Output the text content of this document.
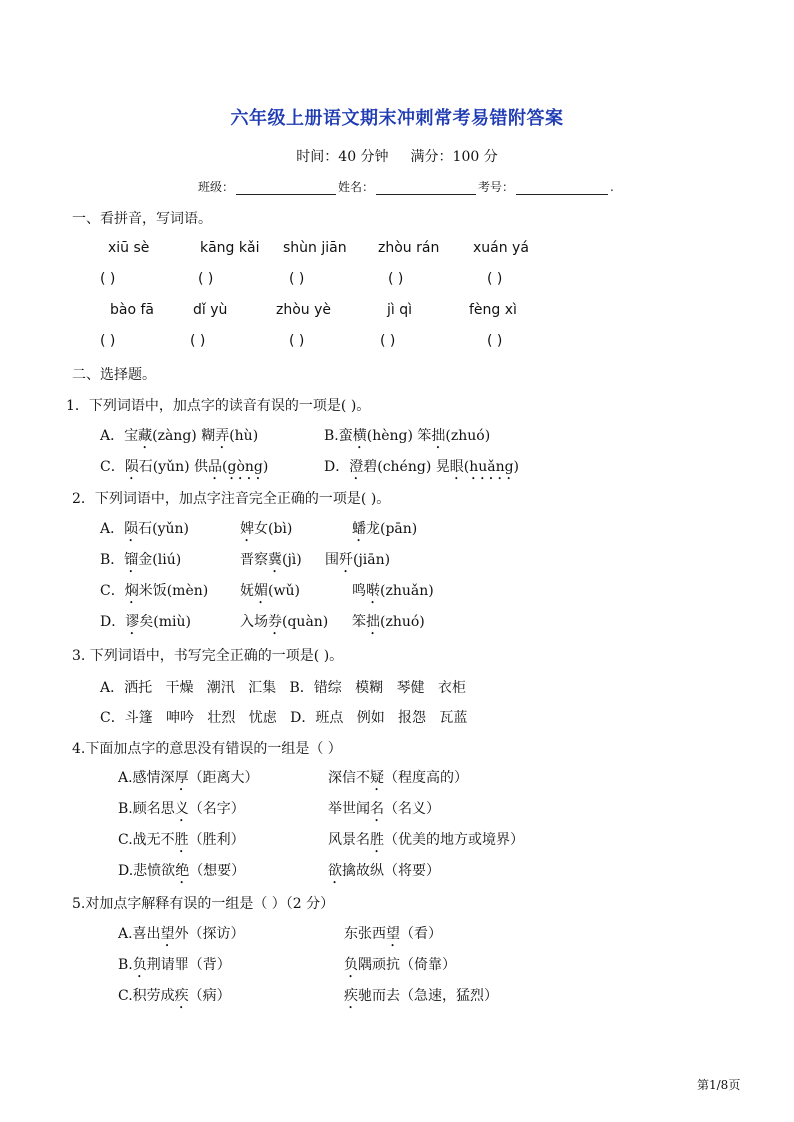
六年级上册语文期末冲刺常考易错附答案
时间：40 分钟 满分：100 分
班级：	姓名：	考号：	.
一、看拼音，写词语。
xiū sè	kāng kǎi shùn jiān zhòu rán xuán yá
( )	( )	( )	( )	( )
bào fā	dǐ yù	zhòu yè	jì qì	fèng xì
( )	( )	( )	( )	( )
二、选择题。
1．下列词语中，加点字的读音有误的一项是( )。
A．宝藏(zàng) 糊弄(hù)	B.蛮横(hèng) 笨拙(zhuó)
C．陨石(yǔn) 供品(gòng)	D．澄碧(chéng) 晃眼(huǎng)
2．下列词语中，加点字注音完全正确的一项是( )。
A．陨石(yǔn)	婢女(bì)	蟠龙(pān)
B．镏金(liú)	晋察冀(jì) 围歼(jiān)
C．焖米饭(mèn) 妩媚(wǔ)	鸣啭(zhuǎn)
D．谬矣(miù)	入场券(quàn) 笨拙(zhuó)
3. 下列词语中，书写完全正确的一项是( )。
A．洒托   干燥   潮汛   汇集   B．错综   模糊   琴健   衣柜
C．斗篷   呻吟   壮烈   忧虑   D．班点   例如   报怨   瓦蓝
4.下面加点字的意思没有错误的一组是（ ）
A.感情深厚（距离大）	深信不疑（程度高的）
B.顾名思义（名字）	举世闻名（名义）
C.战无不胜（胜利）	风景名胜（优美的地方或境界）
D.悲愤欲绝（想要）	欲擒故纵（将要）
5.对加点字解释有误的一组是（ ）（2 分）
A.喜出望外（探访）	东张西望（看）
B.负荆请罪（背）	负隅顽抗（倚靠）
C.积劳成疾（病）	疾驰而去（急速，猛烈）
第1/8页
